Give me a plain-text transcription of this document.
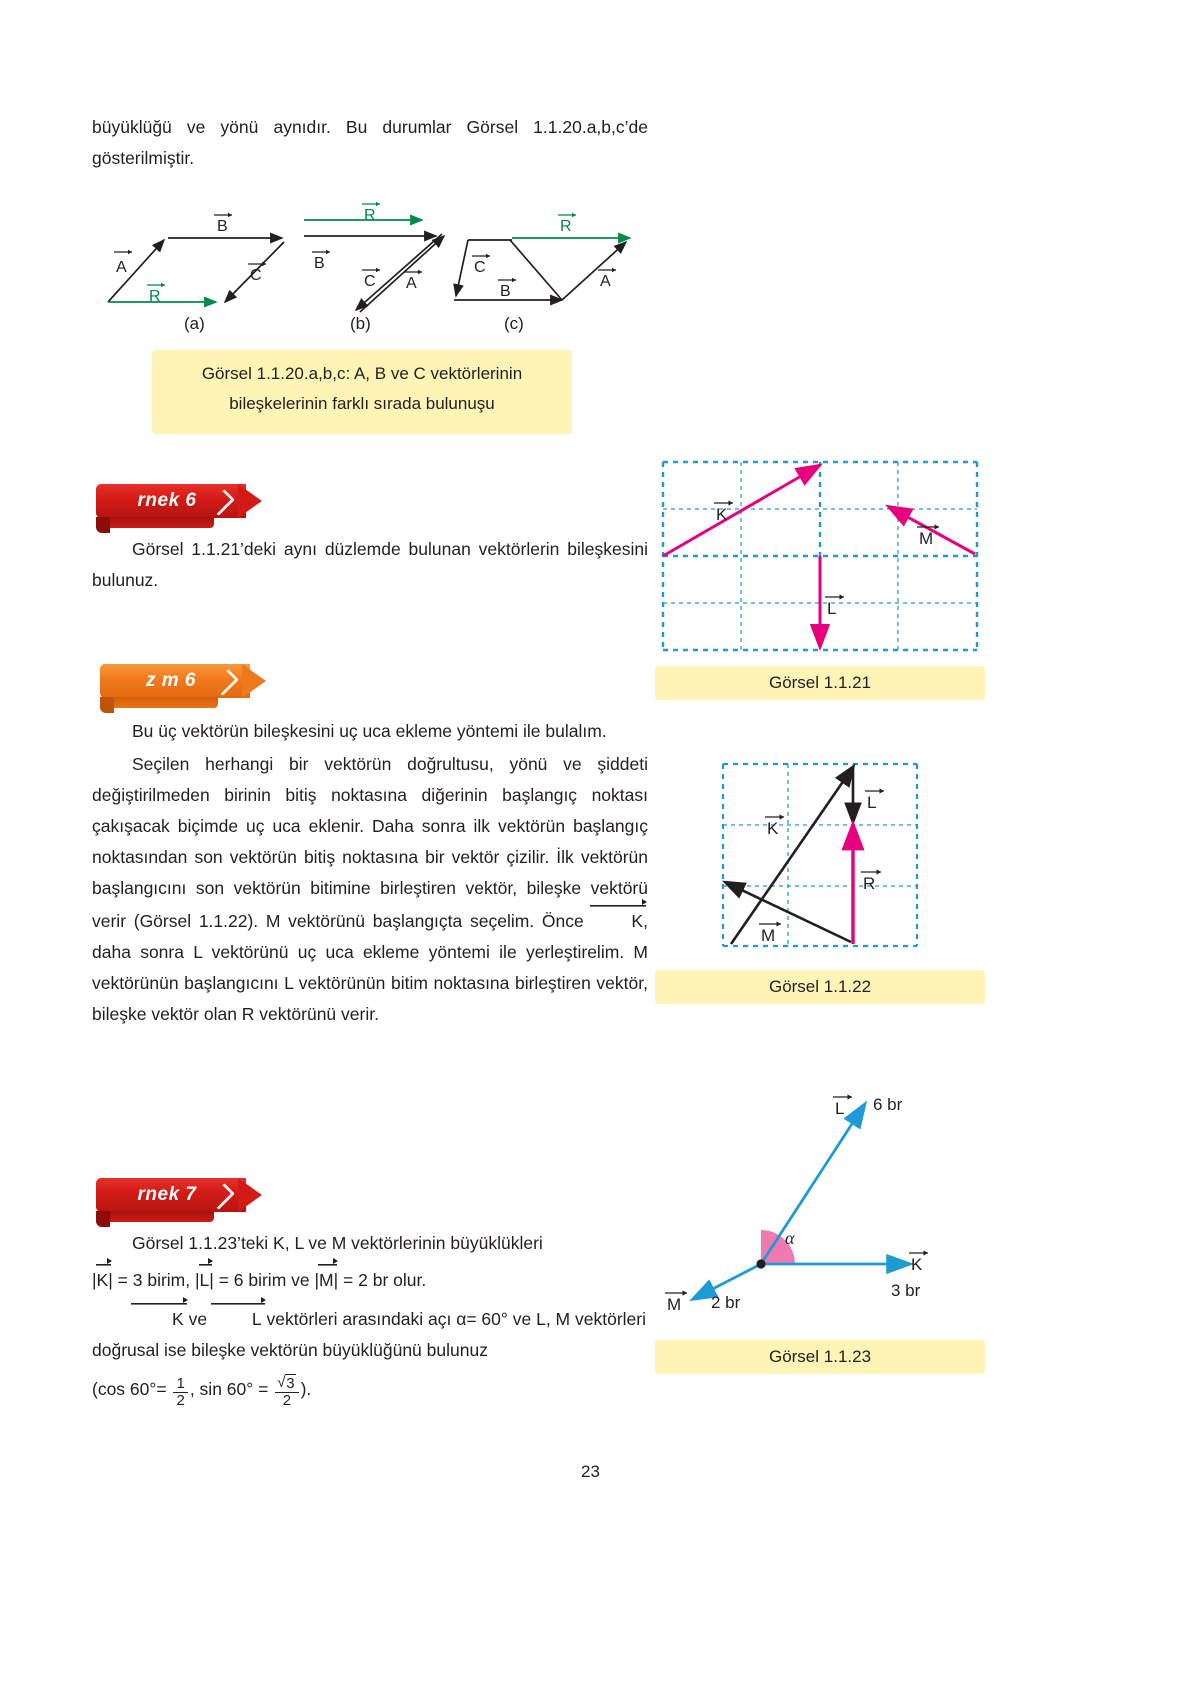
büyüklüğü ve yönü aynıdır. Bu durumlar Görsel 1.1.20.a,b,c’de gösterilmiştir.
A
B
C
R
R
B
C A
C
B
A
R
(a)	(b)	(c)
Görsel 1.1.20.a,b,c: A, B ve C vektörlerinin
bileşkelerinin farklı sırada bulunuşu
rnek 6
Görsel 1.1.21’deki aynı düzlemde bulunan vektörlerin bileşkesini bulunuz.
z m 6
Bu üç vektörün bileşkesini uç uca ekleme yöntemi ile bulalım.
Seçilen herhangi bir vektörün doğrultusu, yönü ve şiddeti değiştirilmeden birinin bitiş noktasına diğerinin başlangıç noktası çakışacak biçimde uç uca eklenir. Daha sonra ilk vektörün başlangıç noktasından son vektörün bitiş noktasına bir vektör çizilir. İlk vektörün başlangıcını son vektörün bitimine birleştiren vektör, bileşke vektörü verir (Görsel 1.1.22). M vektörünü başlangıçta seçelim. Önce	K, daha sonra L vektörünü uç uca ekleme yöntemi ile yerleştirelim. M vektörünün başlangıcını L vektörünün bitim noktasına birleştiren vektör, bileşke vektör olan R vektörünü verir.
K
L
M
Görsel 1.1.21
K
L
R
M
Görsel 1.1.22
rnek 7
Görsel 1.1.23’teki K, L ve M vektörlerinin büyüklükleri
|
K| = 3 birim, |
L| = 6 birim ve |
M| = 2 br olur.
K ve	L vektörleri arasındaki açı α= 60° ve L, M vektörleri
doğrusal ise bileşke vektörün büyüklüğünü bulunuz
(cos $60^\circ= \frac{1}{2}$ , sin 60° = √ $\frac{3}{2}$ ).
α
L 6 br
K
3 br
M 2 br
Görsel 1.1.23
23
